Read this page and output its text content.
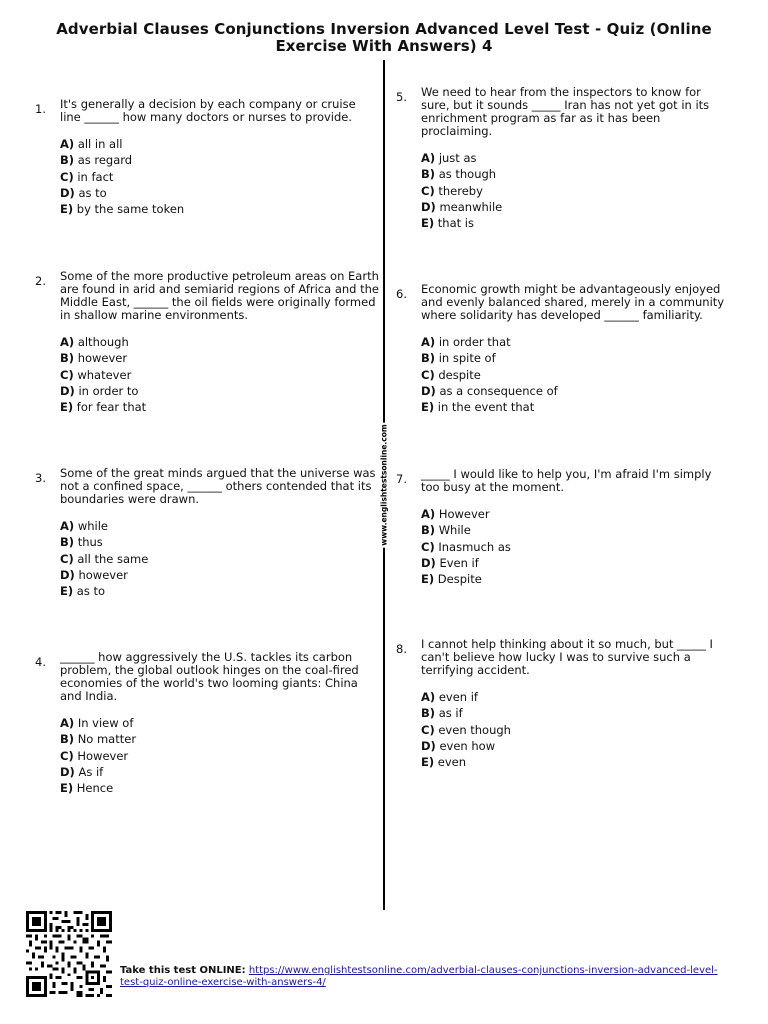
Adverbial Clauses Conjunctions Inversion Advanced Level Test - Quiz (Online Exercise With Answers) 4
www.englishtestsonline.com
1. It's generally a decision by each company or cruise line ______ how many doctors or nurses to provide.
A) all in all
B) as regard
C) in fact
D) as to
E) by the same token
2. Some of the more productive petroleum areas on Earth are found in arid and semiarid regions of Africa and the Middle East, ______ the oil fields were originally formed in shallow marine environments.
A) although
B) however
C) whatever
D) in order to
E) for fear that
3. Some of the great minds argued that the universe was not a confined space, ______ others contended that its boundaries were drawn.
A) while
B) thus
C) all the same
D) however
E) as to
4. ______ how aggressively the U.S. tackles its carbon problem, the global outlook hinges on the coal-fired economies of the world's two looming giants: China and India.
A) In view of
B) No matter
C) However
D) As if
E) Hence
5. We need to hear from the inspectors to know for sure, but it sounds _____ Iran has not yet got in its enrichment program as far as it has been proclaiming.
A) just as
B) as though
C) thereby
D) meanwhile
E) that is
6. Economic growth might be advantageously enjoyed and evenly balanced shared, merely in a community where solidarity has developed ______ familiarity.
A) in order that
B) in spite of
C) despite
D) as a consequence of
E) in the event that
7. _____ I would like to help you, I'm afraid I'm simply too busy at the moment.
A) However
B) While
C) Inasmuch as
D) Even if
E) Despite
8. I cannot help thinking about it so much, but _____ I can't believe how lucky I was to survive such a terrifying accident.
A) even if
B) as if
C) even though
D) even how
E) even
Take this test ONLINE: https://www.englishtestsonline.com/adverbial-clauses-conjunctions-inversion-advanced-level-test-quiz-online-exercise-with-answers-4/
